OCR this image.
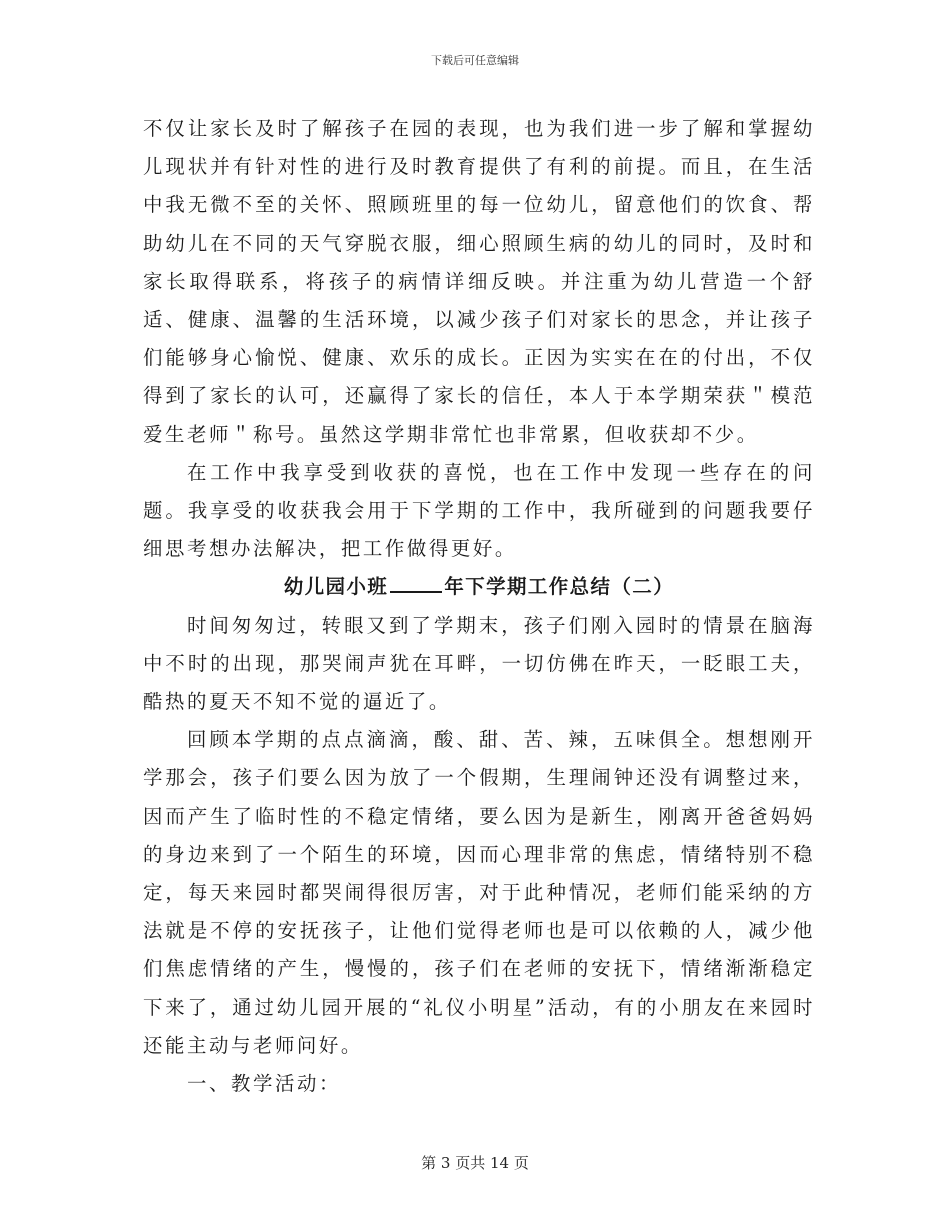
下载后可任意编辑

不仅让家长及时了解孩子在园的表现，也为我们进一步了解和掌握幼儿现状并有针对性的进行及时教育提供了有利的前提。而且，在生活中我无微不至的关怀、照顾班里的每一位幼儿，留意他们的饮食、帮助幼儿在不同的天气穿脱衣服，细心照顾生病的幼儿的同时，及时和家长取得联系，将孩子的病情详细反映。并注重为幼儿营造一个舒适、健康、温馨的生活环境，以减少孩子们对家长的思念，并让孩子们能够身心愉悦、健康、欢乐的成长。正因为实实在在的付出，不仅得到了家长的认可，还赢得了家长的信任，本人于本学期荣获＂模范爱生老师＂称号。虽然这学期非常忙也非常累，但收获却不少。

在工作中我享受到收获的喜悦，也在工作中发现一些存在的问题。我享受的收获我会用于下学期的工作中，我所碰到的问题我要仔细思考想办法解决，把工作做得更好。

幼儿园小班	年下学期工作总结（二）

时间匆匆过，转眼又到了学期末，孩子们刚入园时的情景在脑海中不时的出现，那哭闹声犹在耳畔，一切仿佛在昨天，一眨眼工夫，酷热的夏天不知不觉的逼近了。

回顾本学期的点点滴滴，酸、甜、苦、辣，五味俱全。想想刚开学那会，孩子们要么因为放了一个假期，生理闹钟还没有调整过来，因而产生了临时性的不稳定情绪，要么因为是新生，刚离开爸爸妈妈的身边来到了一个陌生的环境，因而心理非常的焦虑，情绪特别不稳定，每天来园时都哭闹得很厉害，对于此种情况，老师们能采纳的方法就是不停的安抚孩子，让他们觉得老师也是可以依赖的人，减少他们焦虑情绪的产生，慢慢的，孩子们在老师的安抚下，情绪渐渐稳定下来了，通过幼儿园开展的“礼仪小明星”活动，有的小朋友在来园时还能主动与老师问好。

一、教学活动：

第 3 页共 14 页
